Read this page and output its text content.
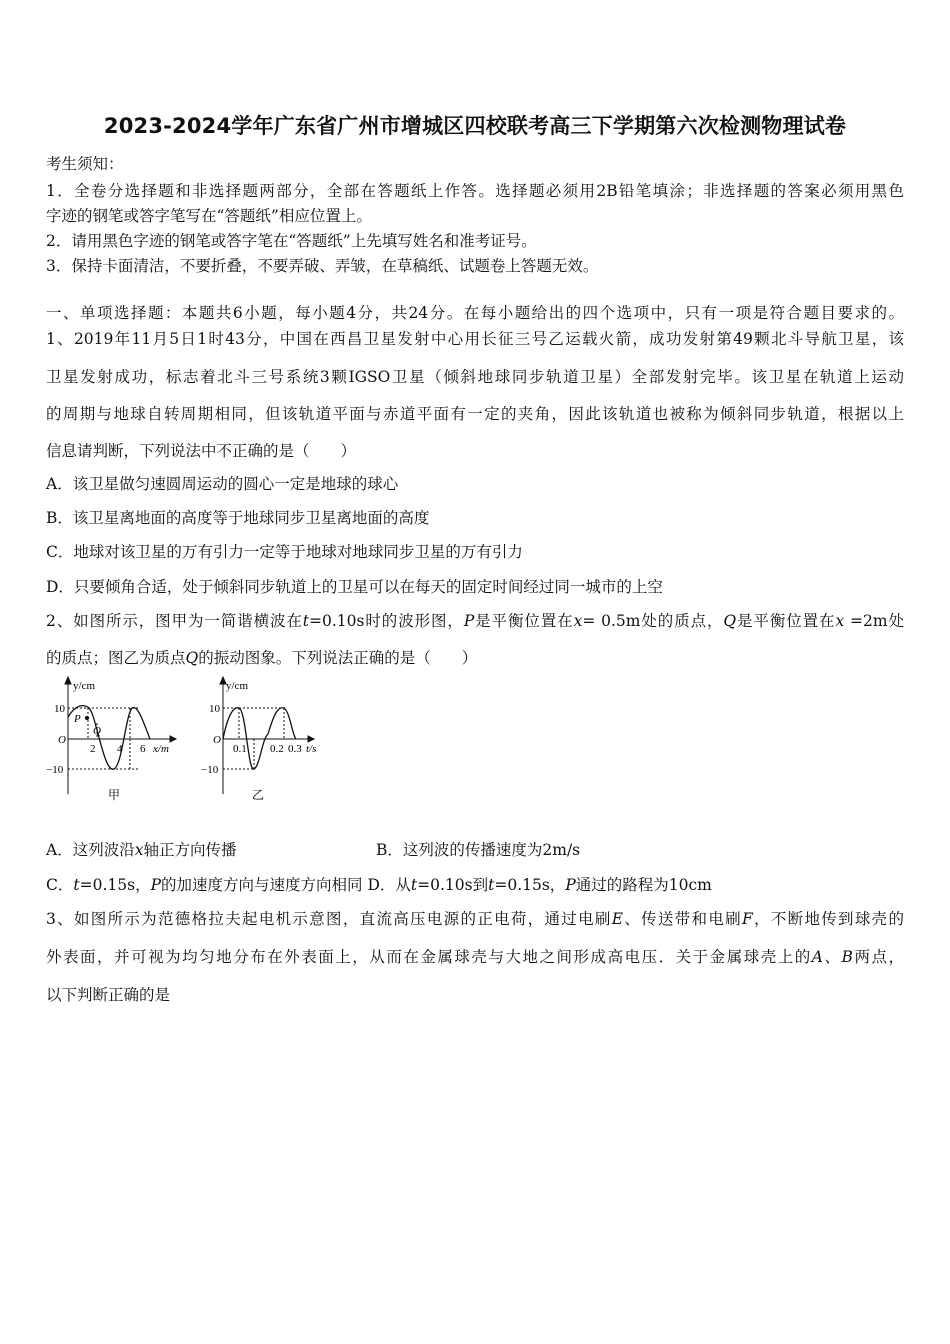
2023-2024学年广东省广州市增城区四校联考高三下学期第六次检测物理试卷
考生须知：
1．全卷分选择题和非选择题两部分，全部在答题纸上作答。选择题必须用2B铅笔填涂；非选择题的答案必须用黑色
字迹的钢笔或答字笔写在“答题纸”相应位置上。
2．请用黑色字迹的钢笔或答字笔在“答题纸”上先填写姓名和准考证号。
3．保持卡面清洁，不要折叠，不要弄破、弄皱，在草稿纸、试题卷上答题无效。
一、单项选择题：本题共6小题，每小题4分，共24分。在每小题给出的四个选项中，只有一项是符合题目要求的。
1、2019年11月5日1时43分，中国在西昌卫星发射中心用长征三号乙运载火箭，成功发射第49颗北斗导航卫星，该
卫星发射成功，标志着北斗三号系统3颗IGSO卫星（倾斜地球同步轨道卫星）全部发射完毕。该卫星在轨道上运动
的周期与地球自转周期相同，但该轨道平面与赤道平面有一定的夹角，因此该轨道也被称为倾斜同步轨道，根据以上
信息请判断，下列说法中不正确的是（　　）
A．该卫星做匀速圆周运动的圆心一定是地球的球心
B．该卫星离地面的高度等于地球同步卫星离地面的高度
C．地球对该卫星的万有引力一定等于地球对地球同步卫星的万有引力
D．只要倾角合适，处于倾斜同步轨道上的卫星可以在每天的固定时间经过同一城市的上空
2、如图所示，图甲为一简谐横波在t=0.10s时的波形图，P是平衡位置在x= 0.5m处的质点，Q是平衡位置在x =2m处
的质点；图乙为质点Q的振动图象。下列说法正确的是（　　）
y/cm
10
O
−10
2 4 6 x/m
P
Q
甲
y/cm
10
O
−10
0.1 0.2 0.3 t/s
乙
A．这列波沿x轴正方向传播	B．这列波的传播速度为2m/s
C．t=0.15s，P的加速度方向与速度方向相同 D．从t=0.10s到t=0.15s，P通过的路程为10cm
3、如图所示为范德格拉夫起电机示意图，直流高压电源的正电荷，通过电刷E、传送带和电刷F，不断地传到球壳的
外表面，并可视为均匀地分布在外表面上，从而在金属球壳与大地之间形成高电压．关于金属球壳上的A、B两点，
以下判断正确的是
